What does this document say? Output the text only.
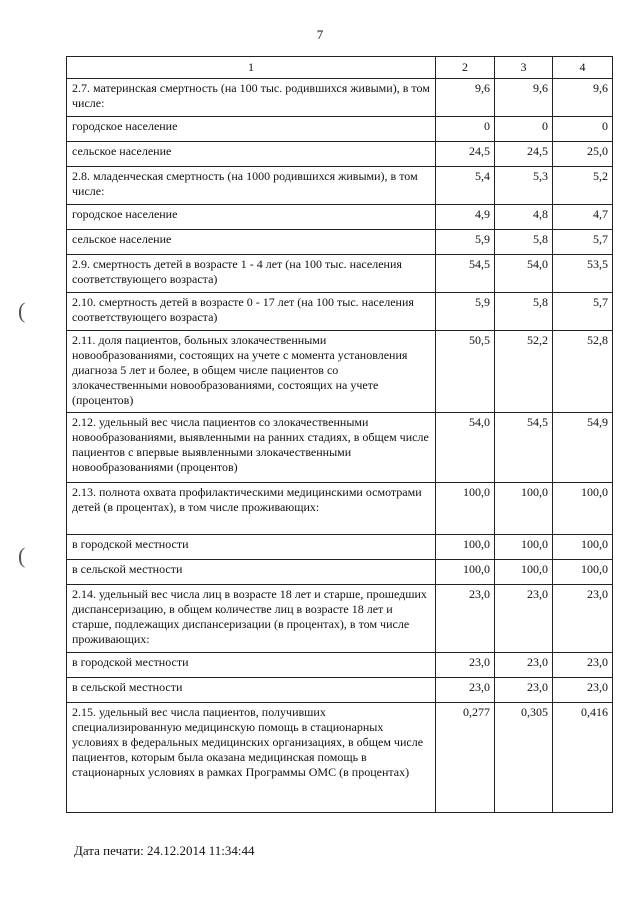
7
(
(
1	2	3	4
2.7. материнская смертность (на 100 тыс. родившихся живыми), в том числе:	9,6	9,6	9,6
городское население	0	0	0
сельское население	24,5	24,5	25,0
2.8. младенческая смертность (на 1000 родившихся живыми), в том числе:	5,4	5,3	5,2
городское население	4,9	4,8	4,7
сельское население	5,9	5,8	5,7
2.9. смертность детей в возрасте 1 - 4 лет (на 100 тыс. населения соответствующего возраста)	54,5	54,0	53,5
2.10. смертность детей в возрасте 0 - 17 лет (на 100 тыс. населения соответствующего возраста)	5,9	5,8	5,7
2.11. доля пациентов, больных злокачественными новообразованиями, состоящих на учете с момента установления диагноза 5 лет и более, в общем числе пациентов со злокачественными новообразованиями, состоящих на учете (процентов)	50,5	52,2	52,8
2.12. удельный вес числа пациентов со злокачественными новообразованиями, выявленными на ранних стадиях, в общем числе пациентов с впервые выявленными злокачественными новообразованиями (процентов)	54,0	54,5	54,9
2.13. полнота охвата профилактическими медицинскими осмотрами детей (в процентах), в том числе проживающих:	100,0	100,0	100,0
в городской местности	100,0	100,0	100,0
в сельской местности	100,0	100,0	100,0
2.14. удельный вес числа лиц в возрасте 18 лет и старше, прошедших диспансеризацию, в общем количестве лиц в возрасте 18 лет и старше, подлежащих диспансеризации (в процентах), в том числе проживающих:	23,0	23,0	23,0
в городской местности	23,0	23,0	23,0
в сельской местности	23,0	23,0	23,0
2.15. удельный вес числа пациентов, получивших специализированную медицинскую помощь в стационарных условиях в федеральных медицинских организациях, в общем числе пациентов, которым была оказана медицинская помощь в стационарных условиях в рамках Программы ОМС (в процентах)	0,277	0,305	0,416
Дата печати: 24.12.2014 11:34:44
